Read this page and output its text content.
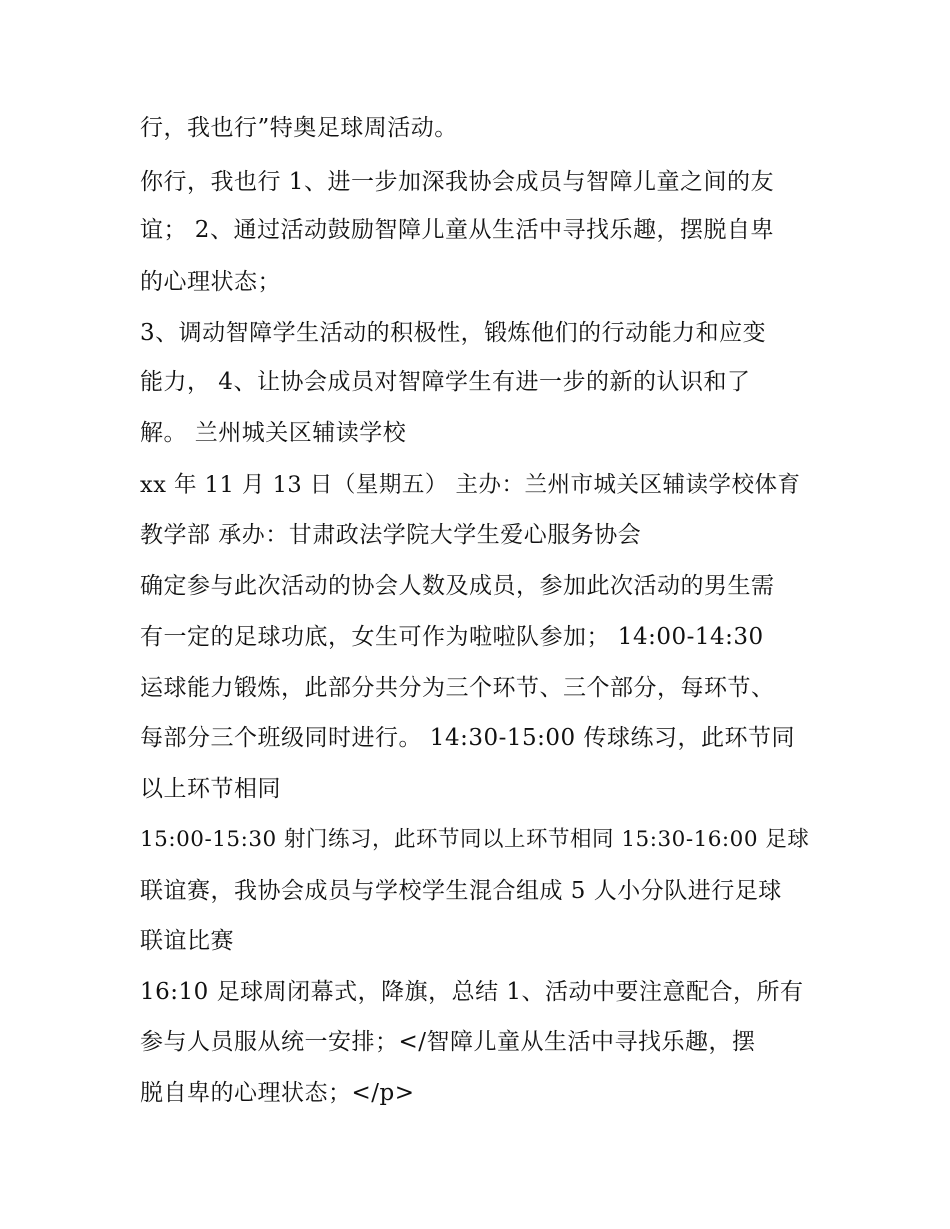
行，我也行”特奥足球周活动。
你行，我也行 1、进一步加深我协会成员与智障儿童之间的友
谊； 2、通过活动鼓励智障儿童从生活中寻找乐趣，摆脱自卑
的心理状态；
3、调动智障学生活动的积极性，锻炼他们的行动能力和应变
能力， 4、让协会成员对智障学生有进一步的新的认识和了
解。 兰州城关区辅读学校
xx 年 11 月 13 日（星期五） 主办：兰州市城关区辅读学校体育
教学部 承办：甘肃政法学院大学生爱心服务协会
确定参与此次活动的协会人数及成员，参加此次活动的男生需
有一定的足球功底，女生可作为啦啦队参加； 14:00-14:30
运球能力锻炼，此部分共分为三个环节、三个部分，每环节、
每部分三个班级同时进行。 14:30-15:00 传球练习，此环节同
以上环节相同
15:00-15:30 射门练习，此环节同以上环节相同 15:30-16:00 足球
联谊赛，我协会成员与学校学生混合组成 5 人小分队进行足球
联谊比赛
16:10 足球周闭幕式，降旗，总结 1、活动中要注意配合，所有
参与人员服从统一安排；</智障儿童从生活中寻找乐趣，摆
脱自卑的心理状态；</p>
